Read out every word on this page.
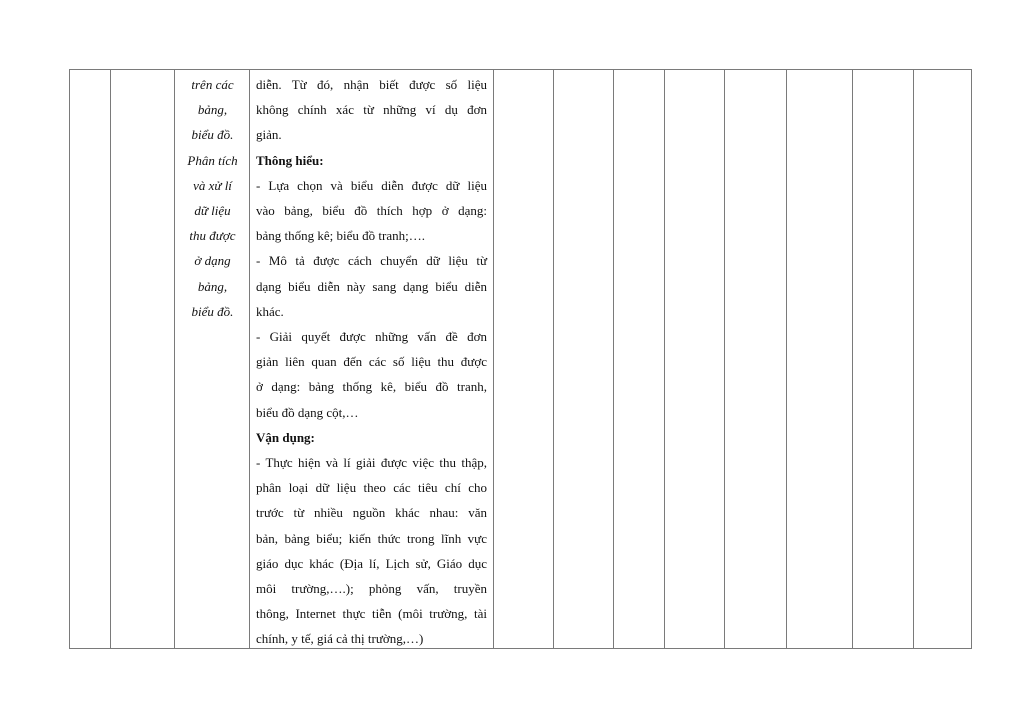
trên các
bảng,
biểu đồ.
Phân tích
và xử lí
dữ liệu
thu được
ở dạng
bảng,
biểu đồ.
diễn. Từ đó, nhận biết được số liệu
không chính xác từ những ví dụ đơn
giản.
Thông hiểu:
- Lựa chọn và biểu diễn được dữ liệu
vào bảng, biểu đồ thích hợp ở dạng:
bảng thống kê; biểu đồ tranh;….
- Mô tả được cách chuyển dữ liệu từ
dạng biểu diễn này sang dạng biểu diễn
khác.
- Giải quyết được những vấn đề đơn
giản liên quan đến các số liệu thu được
ở dạng: bảng thống kê, biểu đồ tranh,
biểu đồ dạng cột,…
Vận dụng:
- Thực hiện và lí giải được việc thu thập,
phân loại dữ liệu theo các tiêu chí cho
trước từ nhiều nguồn khác nhau: văn
bản, bảng biểu; kiến thức trong lĩnh vực
giáo dục khác (Địa lí, Lịch sử, Giáo dục
môi trường,….); phỏng vấn, truyền
thông, Internet thực tiễn (môi trường, tài
chính, y tế, giá cả thị trường,…)
